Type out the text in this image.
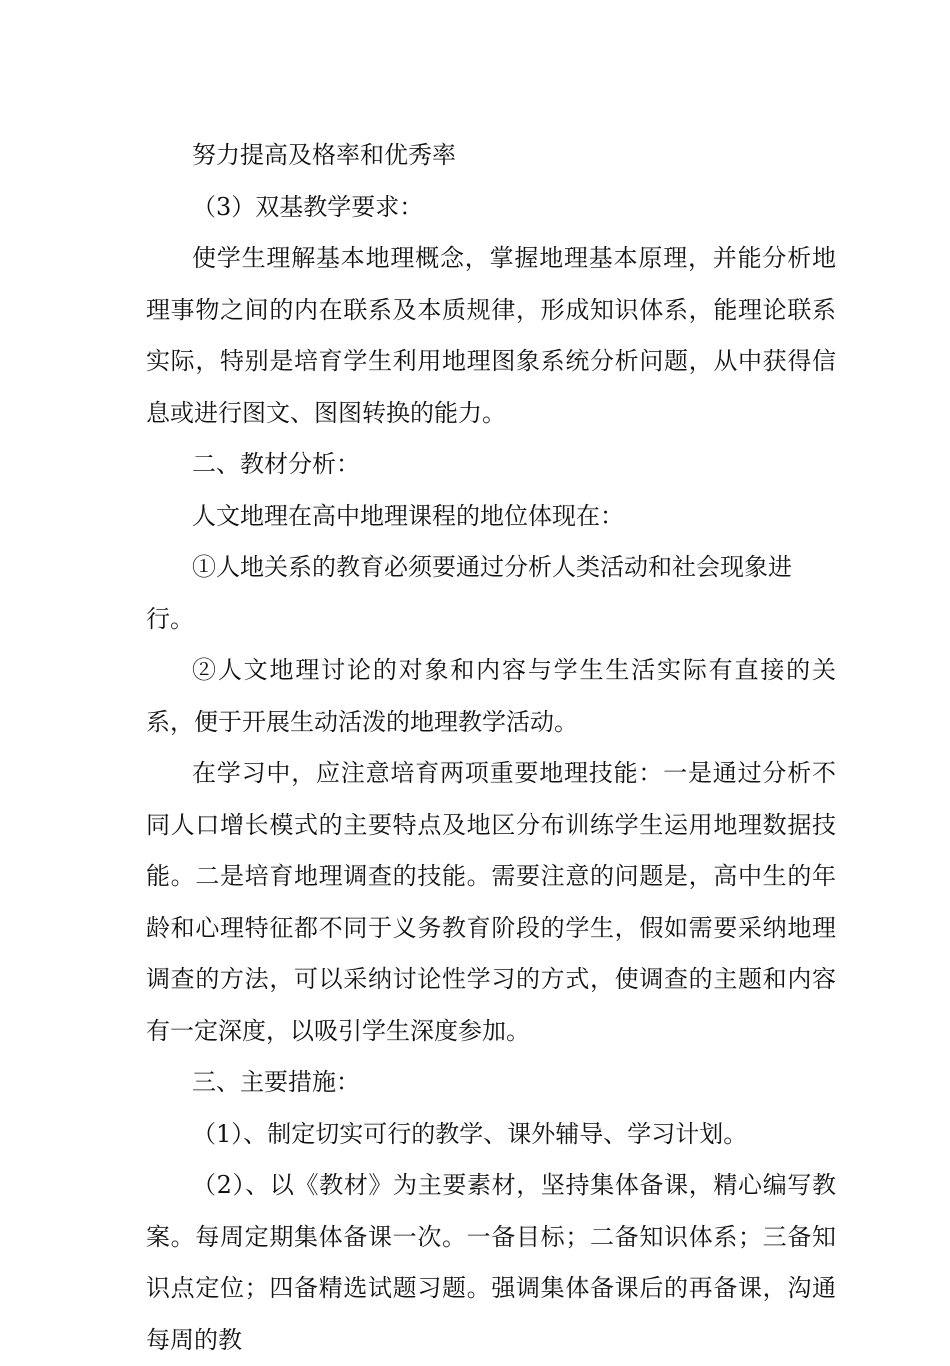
努力提高及格率和优秀率

（3）双基教学要求：

使学生理解基本地理概念，掌握地理基本原理，并能分析地理事物之间的内在联系及本质规律，形成知识体系，能理论联系实际，特别是培育学生利用地理图象系统分析问题，从中获得信息或进行图文、图图转换的能力。

二、教材分析：

人文地理在高中地理课程的地位体现在：

①人地关系的教育必须要通过分析人类活动和社会现象进行。

②人文地理讨论的对象和内容与学生生活实际有直接的关系，便于开展生动活泼的地理教学活动。

在学习中，应注意培育两项重要地理技能：一是通过分析不同人口增长模式的主要特点及地区分布训练学生运用地理数据技能。二是培育地理调查的技能。需要注意的问题是，高中生的年龄和心理特征都不同于义务教育阶段的学生，假如需要采纳地理调查的方法，可以采纳讨论性学习的方式，使调查的主题和内容有一定深度，以吸引学生深度参加。

三、主要措施：

（1）、制定切实可行的教学、课外辅导、学习计划。

（2）、以《教材》为主要素材，坚持集体备课，精心编写教案。每周定期集体备课一次。一备目标；二备知识体系；三备知识点定位；四备精选试题习题。强调集体备课后的再备课，沟通每周的教
